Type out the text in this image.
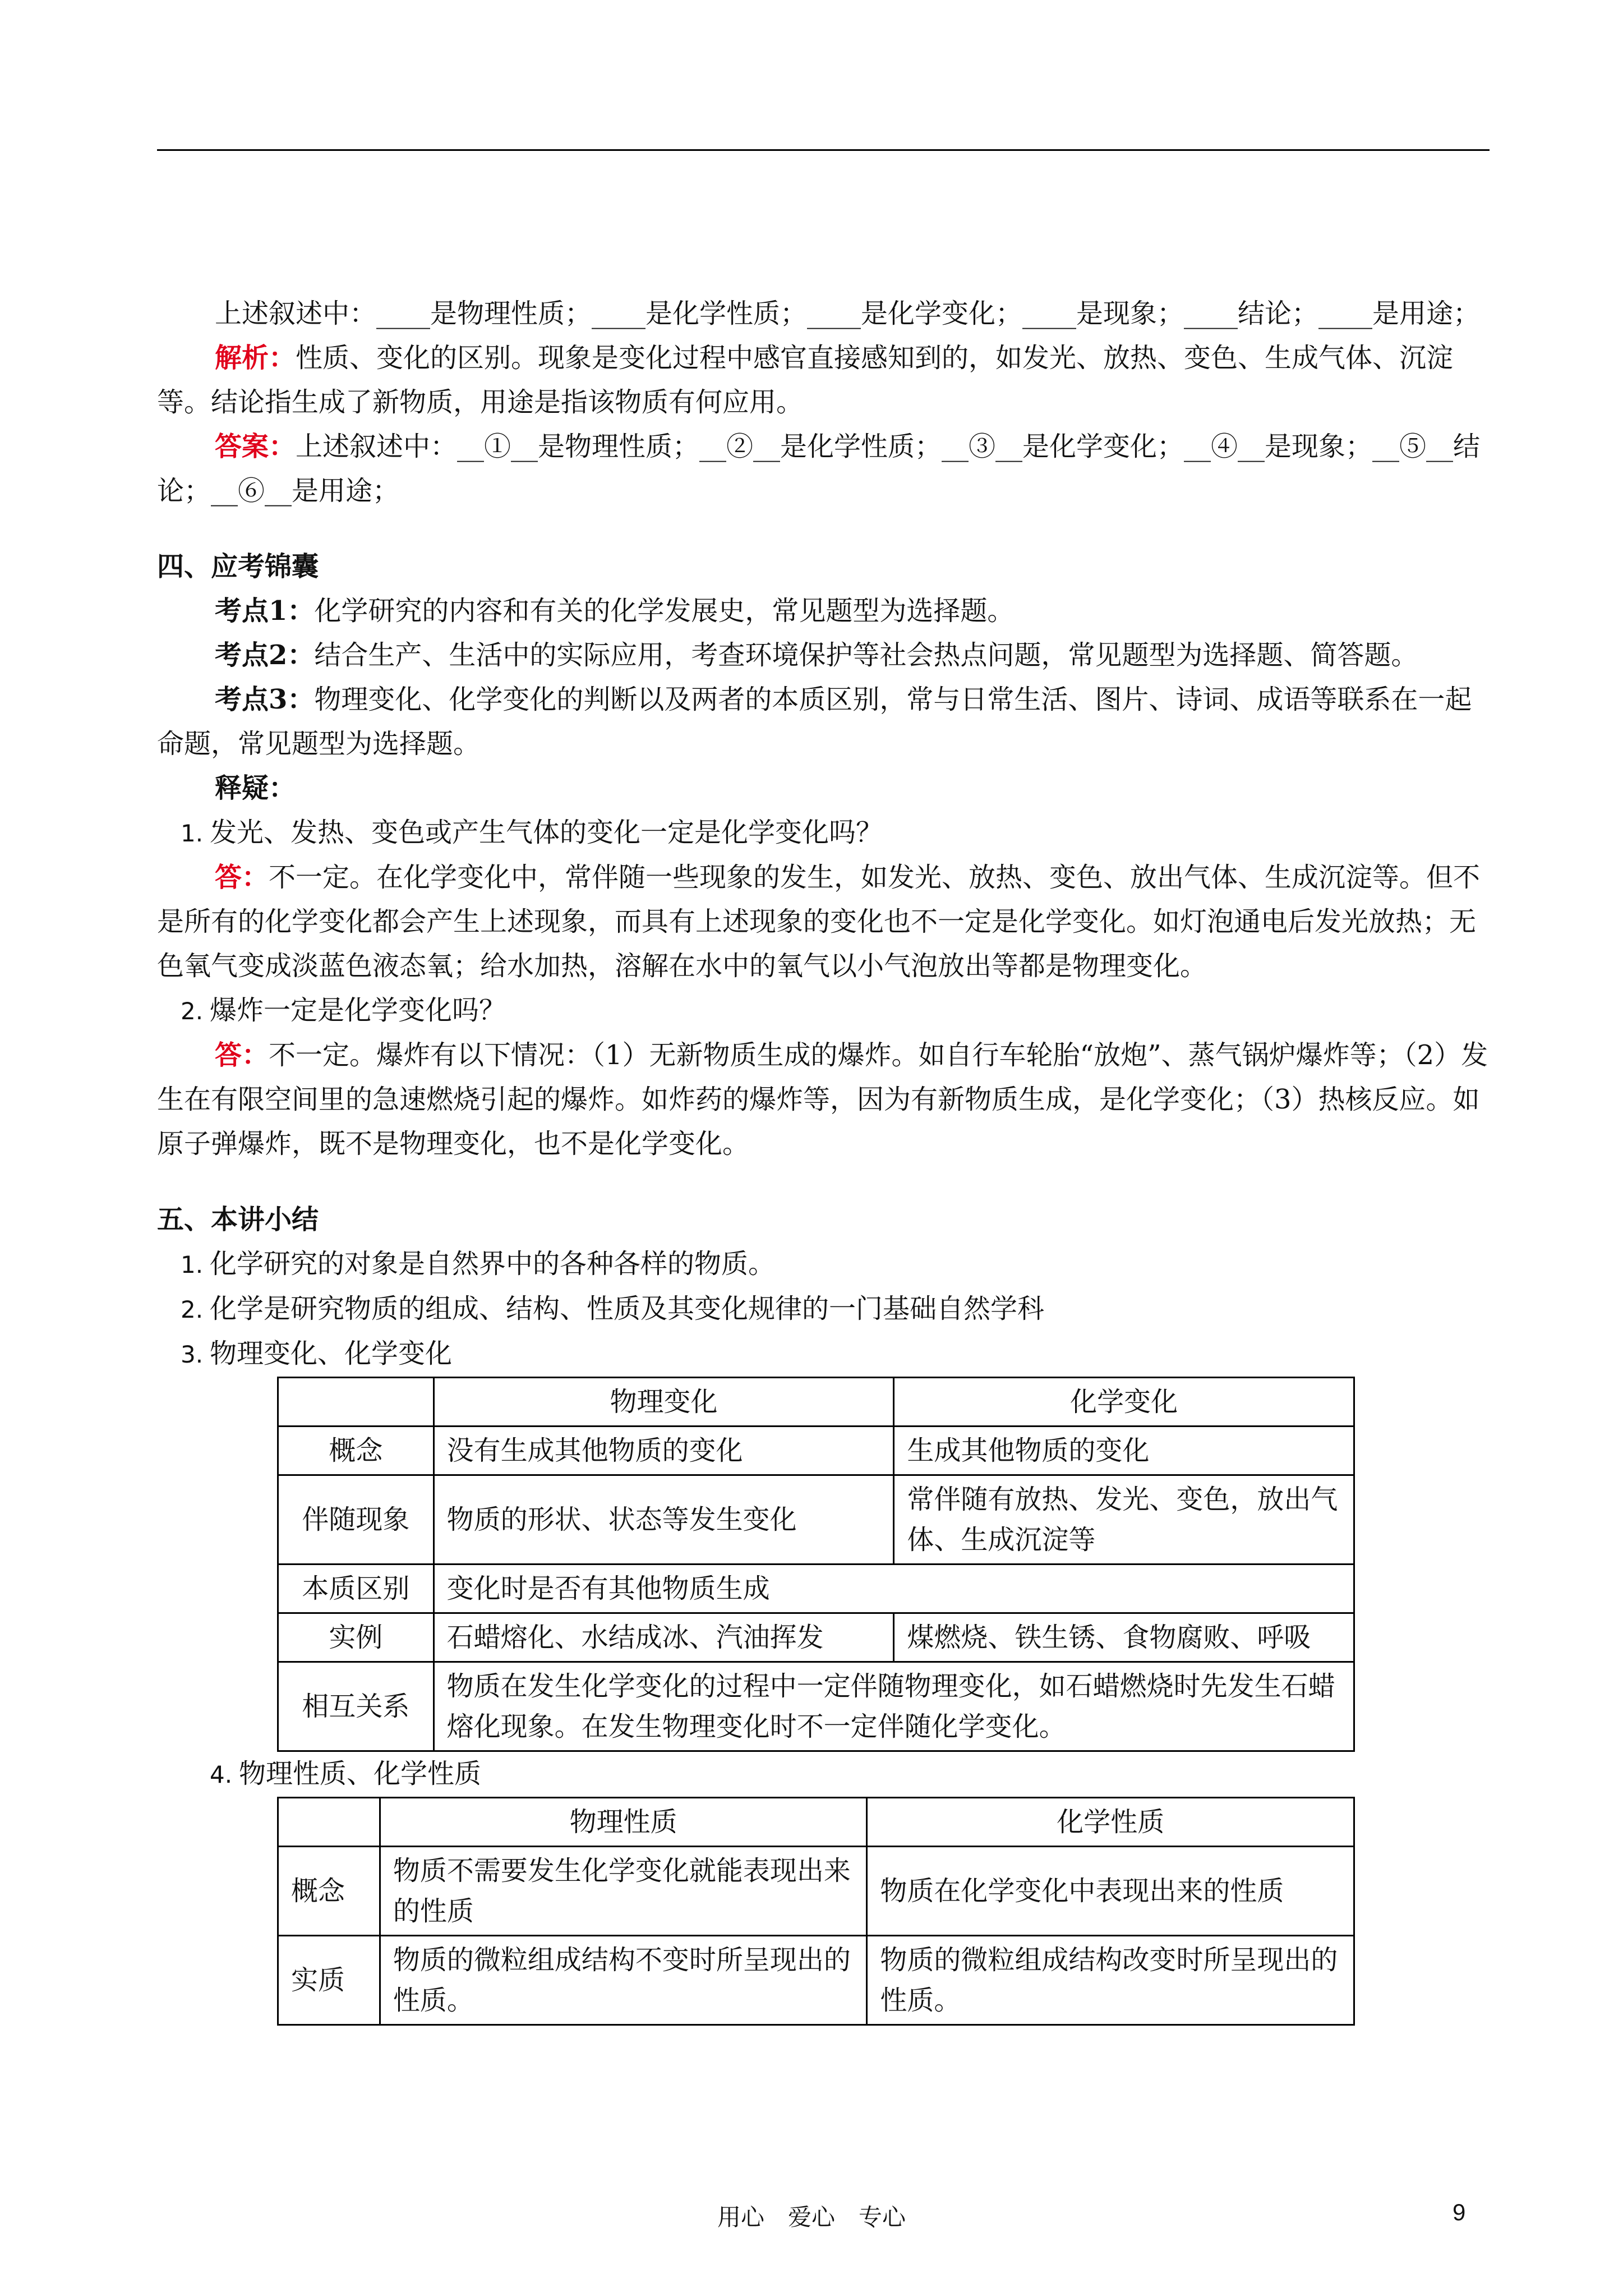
上述叙述中：____是物理性质；____是化学性质；____是化学变化；____是现象；____结论；____是用途；

解析：性质、变化的区别。现象是变化过程中感官直接感知到的，如发光、放热、变色、生成气体、沉淀等。结论指生成了新物质，用途是指该物质有何应用。

答案：上述叙述中：__①__是物理性质；__②__是化学性质；__③__是化学变化；__④__是现象；__⑤__结论；__⑥__是用途；

四、应考锦囊

考点1：化学研究的内容和有关的化学发展史，常见题型为选择题。

考点2：结合生产、生活中的实际应用，考查环境保护等社会热点问题，常见题型为选择题、简答题。

考点3：物理变化、化学变化的判断以及两者的本质区别，常与日常生活、图片、诗词、成语等联系在一起命题，常见题型为选择题。

释疑：

1. 发光、发热、变色或产生气体的变化一定是化学变化吗？

答：不一定。在化学变化中，常伴随一些现象的发生，如发光、放热、变色、放出气体、生成沉淀等。但不是所有的化学变化都会产生上述现象，而具有上述现象的变化也不一定是化学变化。如灯泡通电后发光放热；无色氧气变成淡蓝色液态氧；给水加热，溶解在水中的氧气以小气泡放出等都是物理变化。

2. 爆炸一定是化学变化吗？

答：不一定。爆炸有以下情况：（1）无新物质生成的爆炸。如自行车轮胎“放炮”、蒸气锅炉爆炸等；（2）发生在有限空间里的急速燃烧引起的爆炸。如炸药的爆炸等，因为有新物质生成，是化学变化；（3）热核反应。如原子弹爆炸，既不是物理变化，也不是化学变化。

五、本讲小结

1. 化学研究的对象是自然界中的各种各样的物质。

2. 化学是研究物质的组成、结构、性质及其变化规律的一门基础自然学科

3. 物理变化、化学变化

	物理变化	化学变化
概念	没有生成其他物质的变化	生成其他物质的变化
伴随现象	物质的形状、状态等发生变化	常伴随有放热、发光、变色，放出气体、生成沉淀等
本质区别	变化时是否有其他物质生成	
实例	石蜡熔化、水结成冰、汽油挥发	煤燃烧、铁生锈、食物腐败、呼吸
相互关系	物质在发生化学变化的过程中一定伴随物理变化，如石蜡燃烧时先发生石蜡熔化现象。在发生物理变化时不一定伴随化学变化。	

4. 物理性质、化学性质

	物理性质	化学性质
概念	物质不需要发生化学变化就能表现出来的性质	物质在化学变化中表现出来的性质
实质	物质的微粒组成结构不变时所呈现出的性质。	物质的微粒组成结构改变时所呈现出的性质。
用心　爱心　专心	9
